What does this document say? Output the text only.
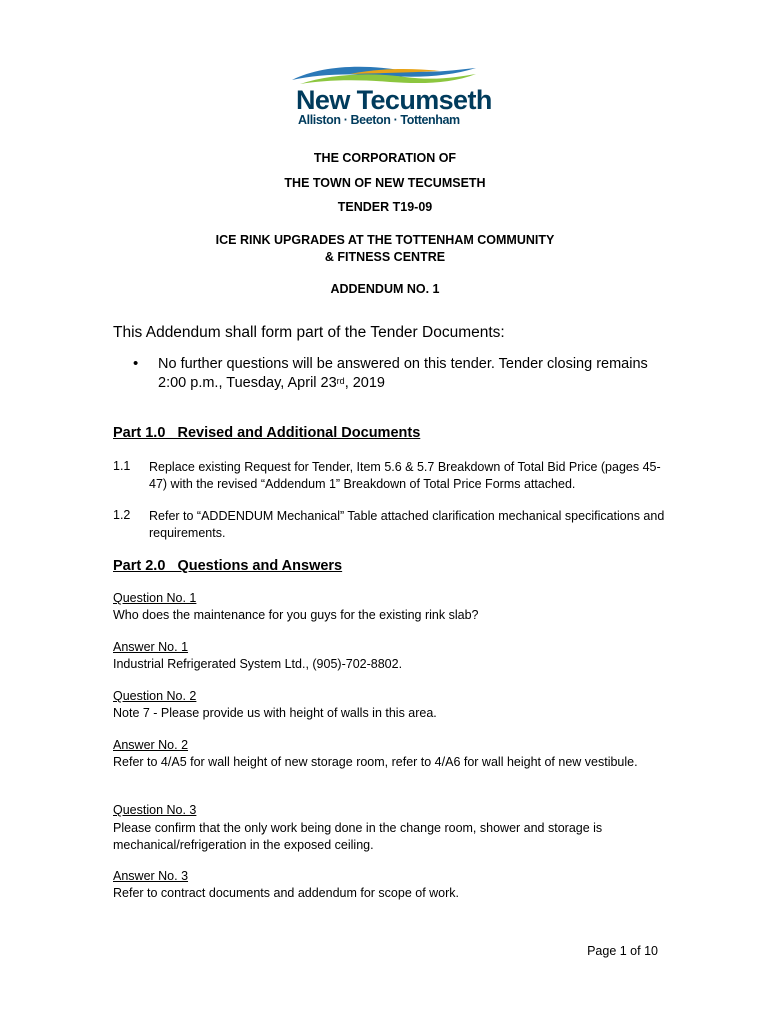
New Tecumseth
Alliston · Beeton · Tottenham
THE CORPORATION OF
THE TOWN OF NEW TECUMSETH
TENDER T19-09
ICE RINK UPGRADES AT THE TOTTENHAM COMMUNITY
& FITNESS CENTRE
ADDENDUM NO. 1
This Addendum shall form part of the Tender Documents:
• No further questions will be answered on this tender. Tender closing remains 2:00 p.m., Tuesday, April 23rd, 2019
Part 1.0   Revised and Additional Documents
1.1 Replace existing Request for Tender, Item 5.6 & 5.7 Breakdown of Total Bid Price (pages 45-47) with the revised “Addendum 1” Breakdown of Total Price Forms attached.
1.2 Refer to “ADDENDUM Mechanical” Table attached clarification mechanical specifications and requirements.
Part 2.0   Questions and Answers
Question No. 1
Who does the maintenance for you guys for the existing rink slab?
Answer No. 1
Industrial Refrigerated System Ltd., (905)-702-8802.
Question No. 2
Note 7 - Please provide us with height of walls in this area.
Answer No. 2
Refer to 4/A5 for wall height of new storage room, refer to 4/A6 for wall height of new vestibule.
Question No. 3
Please confirm that the only work being done in the change room, shower and storage is mechanical/refrigeration in the exposed ceiling.
Answer No. 3
Refer to contract documents and addendum for scope of work.
Page 1 of 10
